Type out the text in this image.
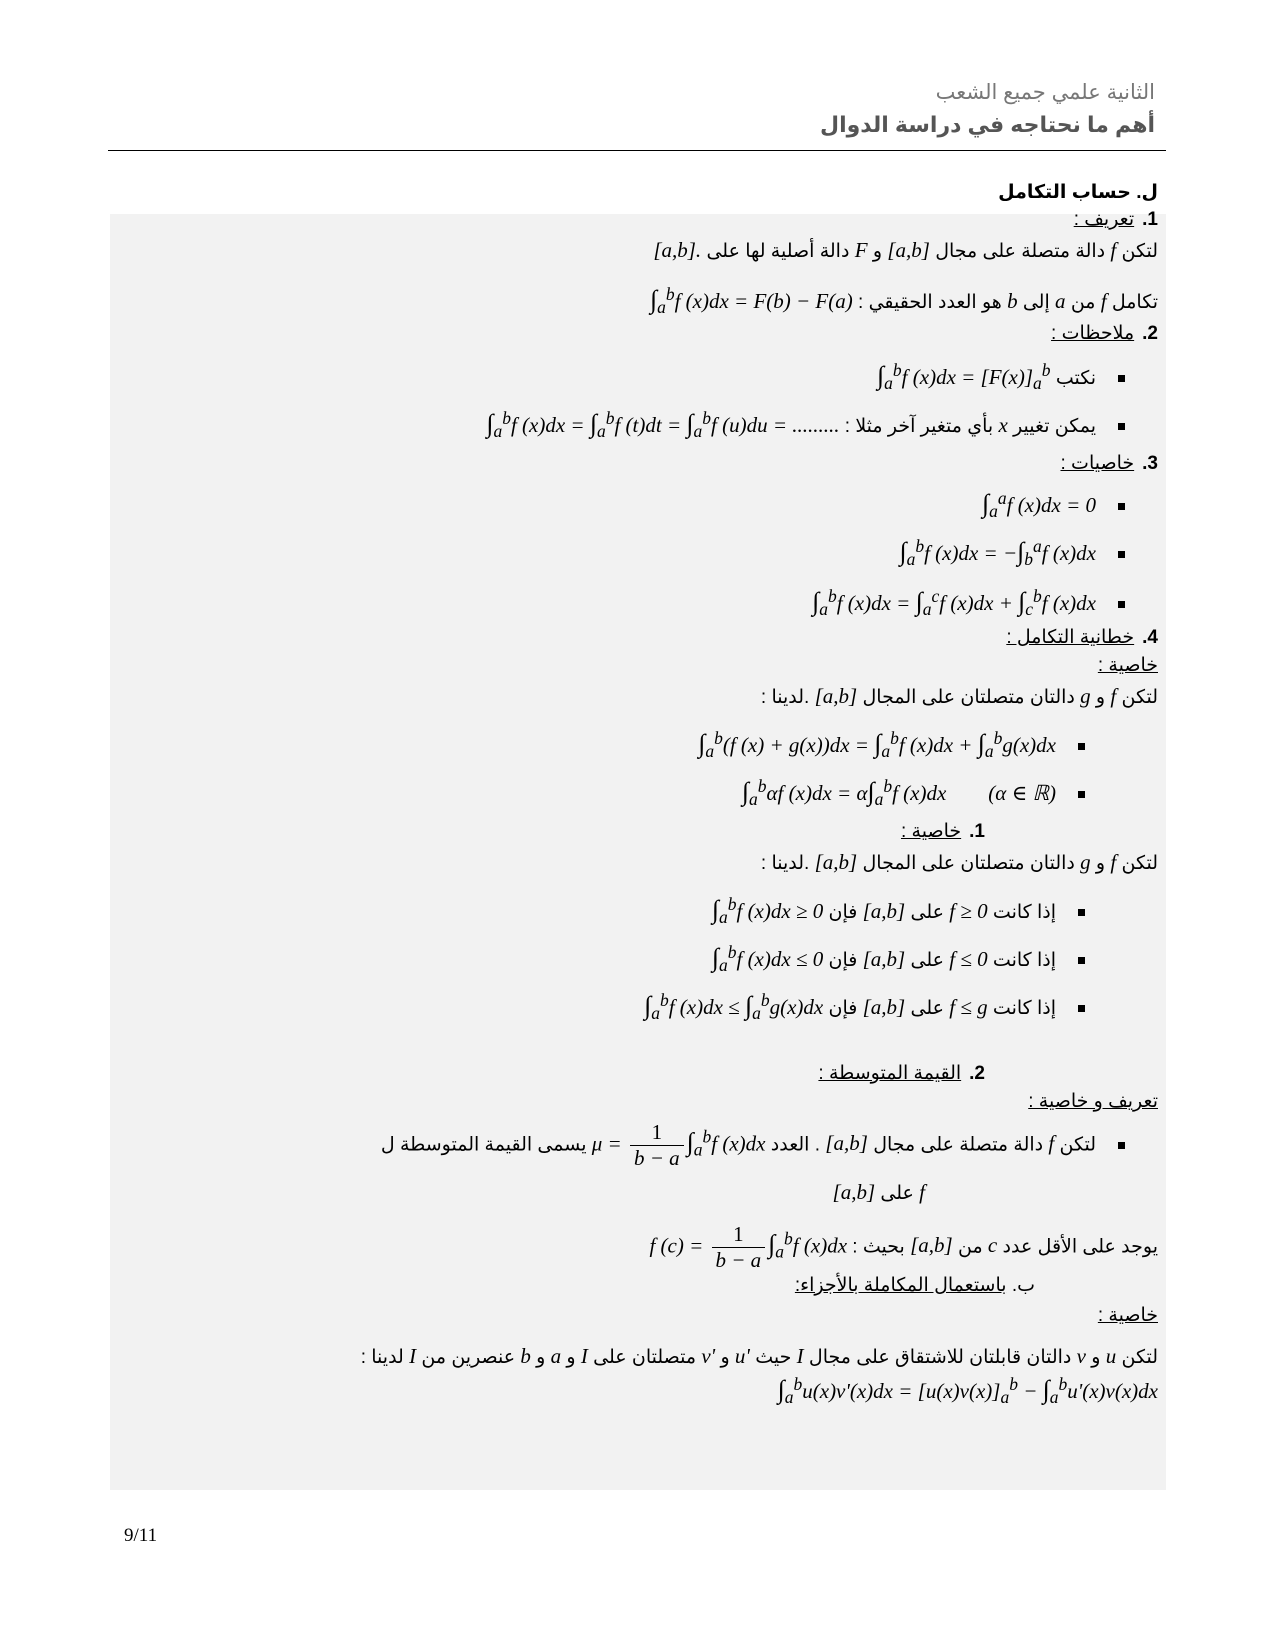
الثانية علمي جميع الشعب
أهم ما نحتاجه في دراسة الدوال
ل. حساب التكامل
1.تعريف :
لتكن f دالة متصلة على مجال [a,b] و F دالة أصلية لها على [a,b].
تكامل f من a إلى b هو العدد الحقيقي : $\int_a^bf$ (x)dx = F(b) − F(a)
2.ملاحظات :
نكتب $\int_a^bf$ $(x)dx = [F(x)]_a^b$
يمكن تغيير x بأي متغير آخر مثلا : $\int_a^bf$ $(x)dx = \int_a^bf$ $(t)dt = \int_a^bf$ (u)du = .........
3.خاصيات :
$\int_a^af$ (x)dx = 0
$\int_a^bf$ $(x)dx = -\int_b^af$ (x)dx
$\int_a^bf$ $(x)dx = \int_a^cf$ $(x)dx + \int_c^bf$ (x)dx
4.خطانية التكامل :
خاصية :
لتكن f و g دالتان متصلتان على المجال [a,b] .لدينا :
$\int_a^b(f$ $(x) + g(x))dx = \int_a^bf$ $(x)dx + \int_a^bg(x)dx$
$\int_a^b\alpha f$ $(x)dx = \alpha\int_a^bf$ (x)dx        (α ∈ ℝ)
1.خاصية :
لتكن f و g دالتان متصلتان على المجال [a,b] .لدينا :
إذا كانت f ≥ 0 على [a,b] فإن $\int_a^bf$ (x)dx ≥ 0
إذا كانت f ≤ 0 على [a,b] فإن $\int_a^bf$ (x)dx ≤ 0
إذا كانت f ≤ g على [a,b] فإن $\int_a^bf$ $(x)dx \le \int_a^bg(x)dx$
2.القيمة المتوسطة :
تعريف و خاصية :
لتكن f دالة متصلة على مجال [a,b] . العدد $\mu = \frac{1}{b - a} \int_a^bf$ (x)dx يسمى القيمة المتوسطة ل
f على [a,b]
يوجد على الأقل عدد c من [a,b] بحيث : f $(c) = \frac{1}{b - a} \int_a^bf$ (x)dx
ب. باستعمال المكاملة بالأجزاء:
خاصية :
لتكن u و v دالتان قابلتان للاشتقاق على مجال I حيث u' و v' متصلتان على I و a و b عنصرين من I لدينا :
$\int_a^bu(x)v'(x)dx = [u(x)v(x)]_a^b - \int_a^bu'(x)v(x)dx$
9/11
